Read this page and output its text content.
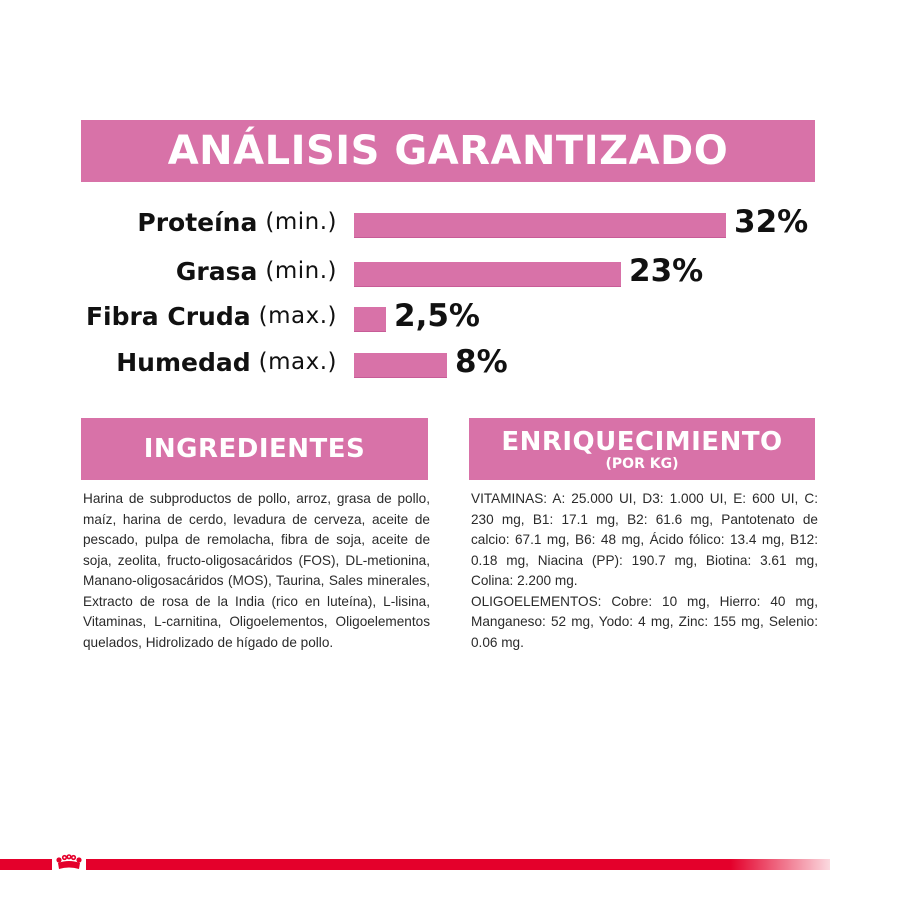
ANÁLISIS GARANTIZADO
Proteína (min.)	32%
Grasa (min.)	23%
Fibra Cruda (max.) 2,5%
Humedad (max.)	8%
INGREDIENTES

Harina de subproductos de pollo, arroz, grasa de pollo, maíz, harina de cerdo, levadura de cerveza, aceite de pescado, pulpa de remolacha, fibra de soja, aceite de soja, zeolita, fructo-oligosacáridos (FOS), DL-metionina, Manano-oligosacáridos (MOS), Taurina, Sales minerales, Extracto de rosa de la India (rico en luteína), L-lisina, Vitaminas, L-carnitina, Oligoelementos, Oligoelementos quelados, Hidrolizado de hígado de pollo.

ENRIQUECIMIENTO
(POR KG)

VITAMINAS: A: 25.000 UI, D3: 1.000 UI, E: 600 UI, C: 230 mg, B1: 17.1 mg, B2: 61.6 mg, Pantotenato de calcio: 67.1 mg, B6: 48 mg, Ácido fólico: 13.4 mg, B12: 0.18 mg, Niacina (PP): 190.7 mg, Biotina: 3.61 mg, Colina: 2.200 mg.

OLIGOELEMENTOS: Cobre: 10 mg, Hierro: 40 mg, Manganeso: 52 mg, Yodo: 4 mg, Zinc: 155 mg, Selenio: 0.06 mg.
